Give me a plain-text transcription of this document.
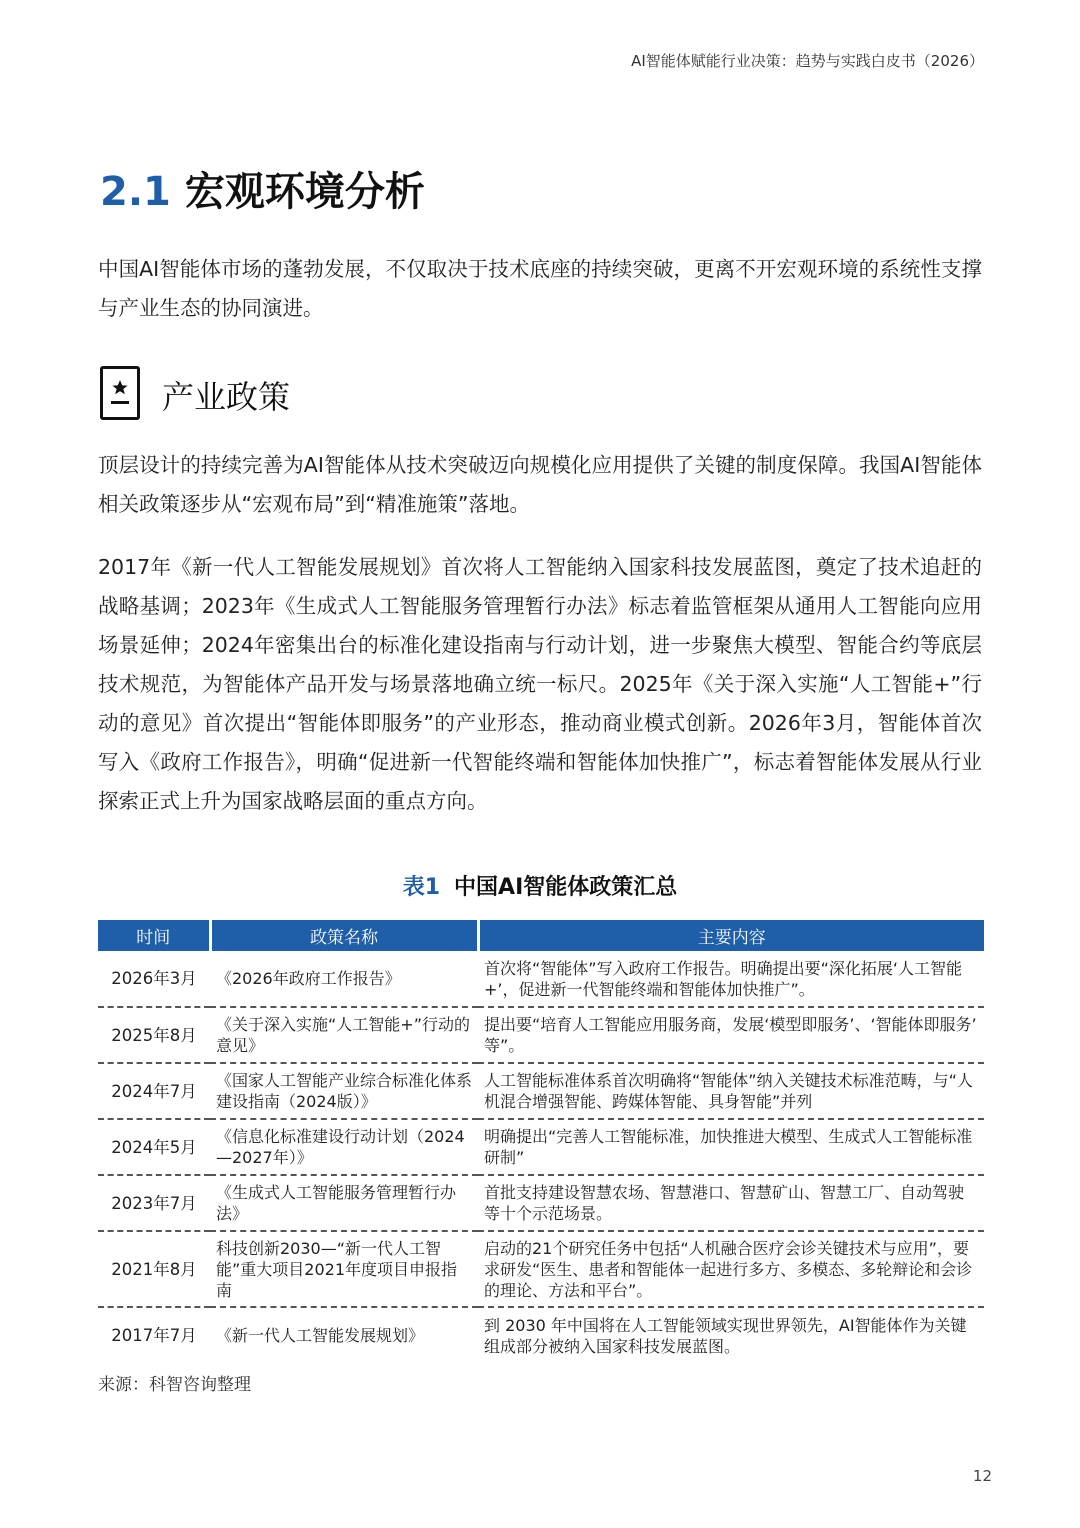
AI智能体赋能行业决策：趋势与实践白皮书（2026）
2.1 宏观环境分析

中国AI智能体市场的蓬勃发展，不仅取决于技术底座的持续突破，更离不开宏观环境的系统性支撑与产业生态的协同演进。

产业政策

顶层设计的持续完善为AI智能体从技术突破迈向规模化应用提供了关键的制度保障。我国AI智能体相关政策逐步从“宏观布局”到“精准施策”落地。

2017年《新一代人工智能发展规划》首次将人工智能纳入国家科技发展蓝图，奠定了技术追赶的战略基调；2023年《生成式人工智能服务管理暂行办法》标志着监管框架从通用人工智能向应用场景延伸；2024年密集出台的标准化建设指南与行动计划，进一步聚焦大模型、智能合约等底层技术规范，为智能体产品开发与场景落地确立统一标尺。2025年《关于深入实施“人工智能+”行动的意见》首次提出“智能体即服务”的产业形态，推动商业模式创新。2026年3月，智能体首次写入《政府工作报告》，明确“促进新一代智能终端和智能体加快推广”，标志着智能体发展从行业探索正式上升为国家战略层面的重点方向。

表1 中国AI智能体政策汇总
时间	政策名称	主要内容
2026年3月	《2026年政府工作报告》	首次将“智能体”写入政府工作报告。明确提出要“深化拓展‘人工智能+’，促进新一代智能终端和智能体加快推广”。
2025年8月	《关于深入实施“人工智能+”行动的意见》	提出要“培育人工智能应用服务商，发展‘模型即服务’、‘智能体即服务’ 等”。
2024年7月	《国家人工智能产业综合标准化体系建设指南（2024版）》	人工智能标准体系首次明确将“智能体”纳入关键技术标准范畴，与“人机混合增强智能、跨媒体智能、具身智能”并列
2024年5月	《信息化标准建设行动计划（2024—2027年）》	明确提出“完善人工智能标准，加快推进大模型、生成式人工智能标准研制”
2023年7月	《生成式人工智能服务管理暂行办法》	首批支持建设智慧农场、智慧港口、智慧矿山、智慧工厂、自动驾驶等十个示范场景。
2021年8月	科技创新2030—“新一代人工智能”重大项目2021年度项目申报指南	启动的21个研究任务中包括“人机融合医疗会诊关键技术与应用”，要求研发“医生、患者和智能体一起进行多方、多模态、多轮辩论和会诊的理论、方法和平台”。
2017年7月	《新一代人工智能发展规划》	到 2030 年中国将在人工智能领域实现世界领先，AI智能体作为关键组成部分被纳入国家科技发展蓝图。
来源：科智咨询整理
12
